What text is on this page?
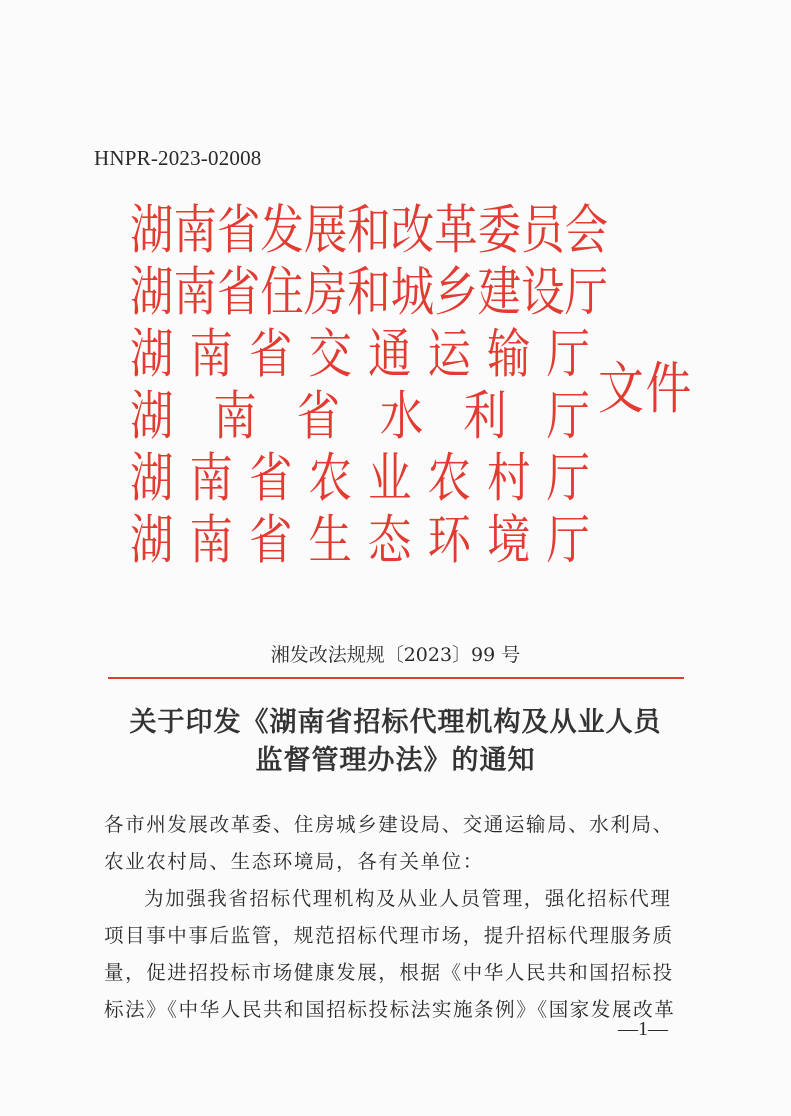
HNPR-2023-02008
湖 南 省 发 展 和 改 革 委 员 会
湖 南 省 住 房 和 城 乡 建 设 厅
湖 南 省 交 通 运 输 厅
湖 南 省 水 利 厅
湖 南 省 农 业 农 村 厅
湖 南 省 生 态 环 境 厅
文件
湘发改法规规〔2023〕99 号
关于印发《湖南省招标代理机构及从业人员
监督管理办法》的通知
各市州发展改革委、住房城乡建设局、交通运输局、水利局、
农业农村局、生态环境局，各有关单位：
为加强我省招标代理机构及从业人员管理，强化招标代理
项目事中事后监管，规范招标代理市场，提升招标代理服务质
量，促进招投标市场健康发展，根据《中华人民共和国招标投
标法》《中华人民共和国招标投标法实施条例》《国家发展改革
—1—
